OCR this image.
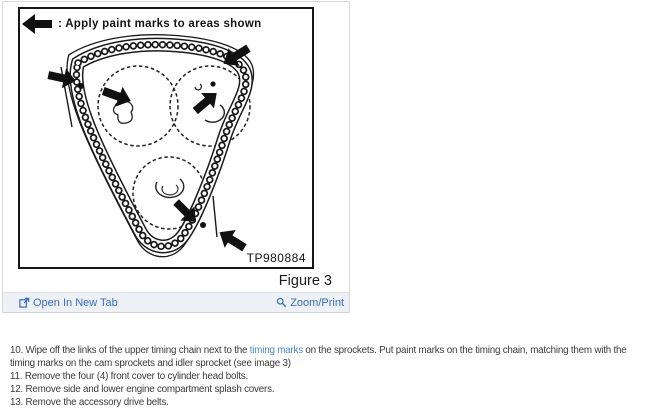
: Apply paint marks to areas shown
TP980884
Figure 3
Open In New Tab	Zoom/Print

10. Wipe off the links of the upper timing chain next to the timing marks on the sprockets. Put paint marks on the timing chain, matching them with the timing marks on the cam sprockets and idler sprocket (see image 3)

11. Remove the four (4) front cover to cylinder head bolts.

12. Remove side and lower engine compartment splash covers.

13. Remove the accessory drive belts.
